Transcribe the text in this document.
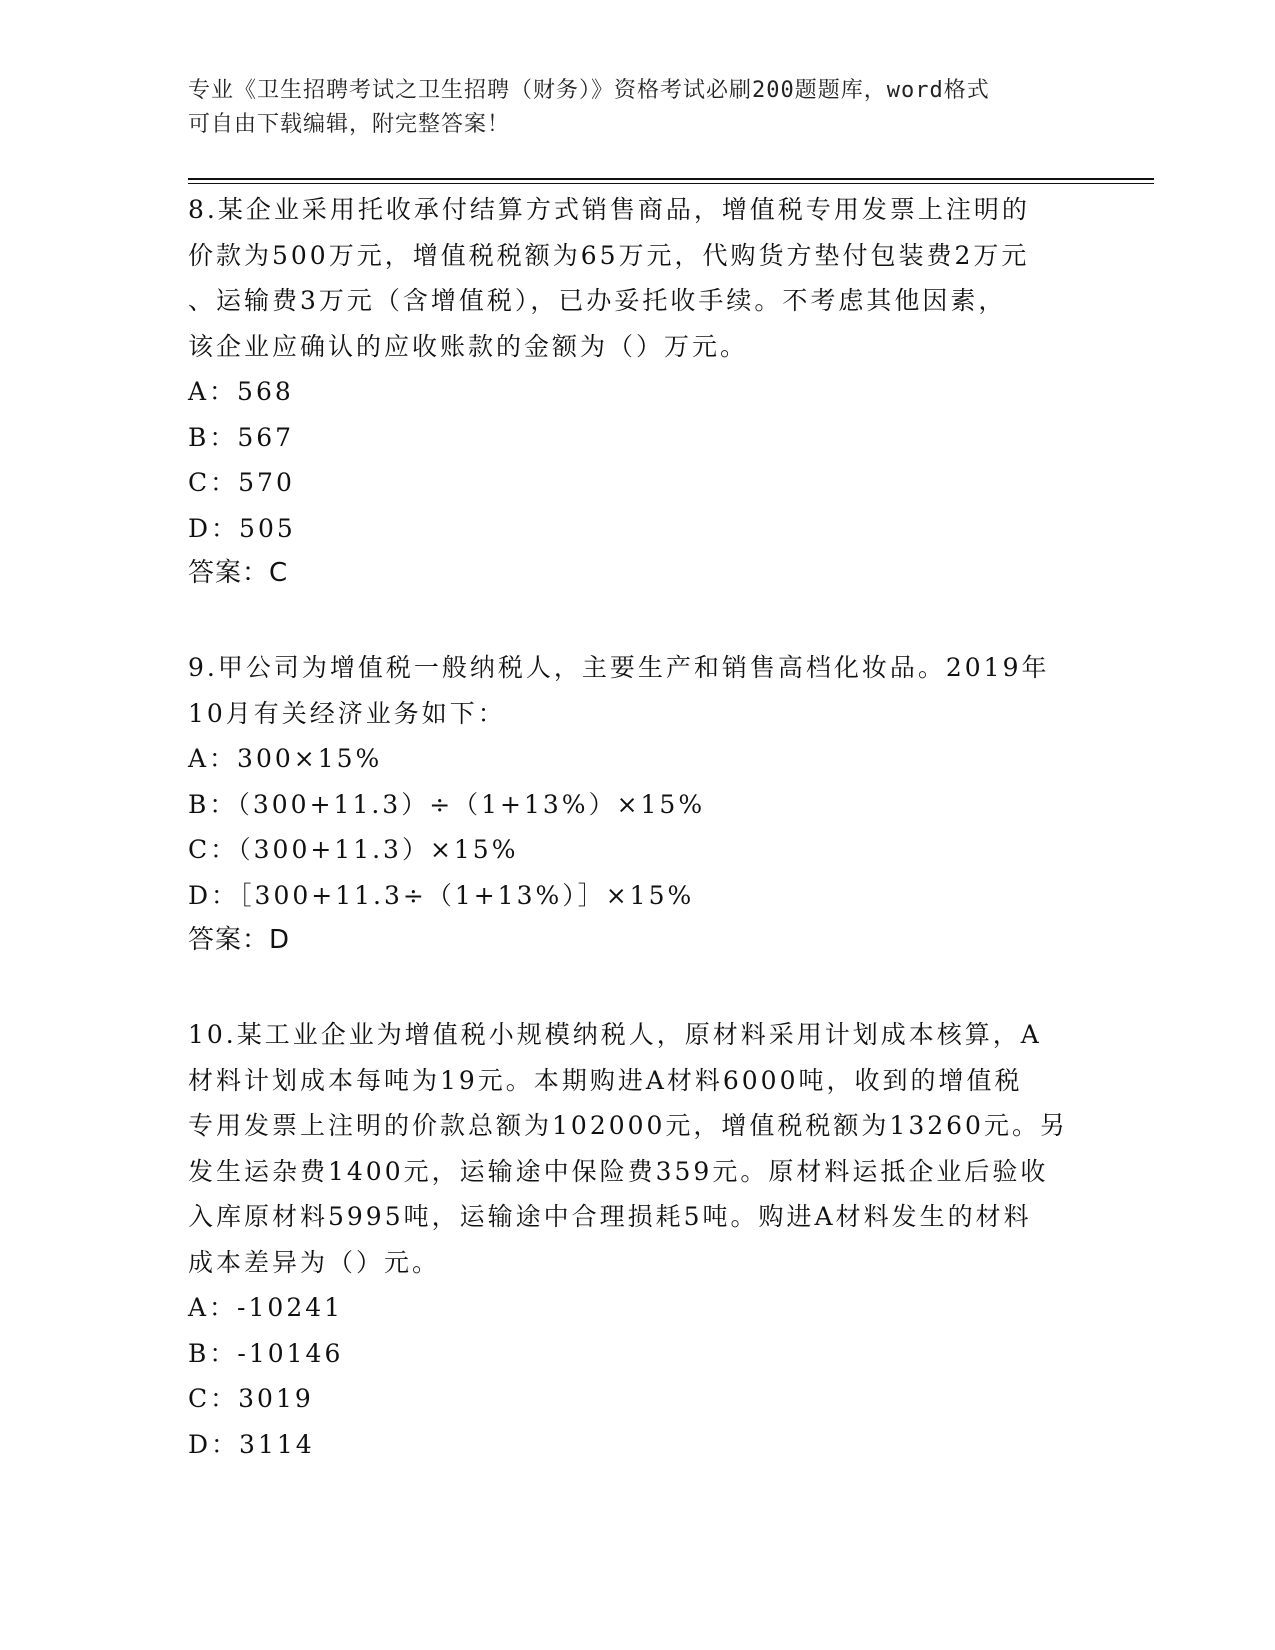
专业《卫生招聘考试之卫生招聘（财务）》资格考试必刷200题题库，word格式
可自由下载编辑，附完整答案！
8.某企业采用托收承付结算方式销售商品，增值税专用发票上注明的
价款为500万元，增值税税额为65万元，代购货方垫付包装费2万元
、运输费3万元（含增值税），已办妥托收手续。不考虑其他因素，
该企业应确认的应收账款的金额为（）万元。
A：568
B：567
C：570
D：505
答案：C
9.甲公司为增值税一般纳税人，主要生产和销售高档化妆品。2019年
10月有关经济业务如下：
A：300×15%
B：（300+11.3）÷（1+13%）×15%
C：（300+11.3）×15%
D：［300+11.3÷（1+13%）］×15%
答案：D
10.某工业企业为增值税小规模纳税人，原材料采用计划成本核算，A
材料计划成本每吨为19元。本期购进A材料6000吨，收到的增值税
专用发票上注明的价款总额为102000元，增值税税额为13260元。另
发生运杂费1400元，运输途中保险费359元。原材料运抵企业后验收
入库原材料5995吨，运输途中合理损耗5吨。购进A材料发生的材料
成本差异为（）元。
A：-10241
B：-10146
C：3019
D：3114
